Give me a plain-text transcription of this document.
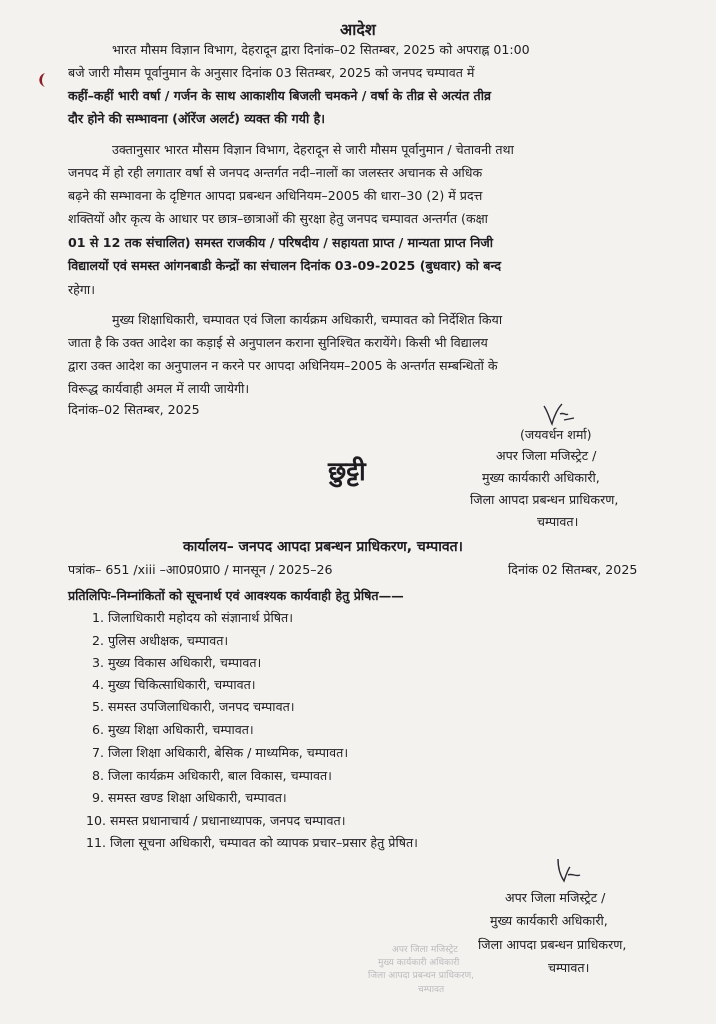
आदेश
भारत मौसम विज्ञान विभाग, देहरादून द्वारा दिनांक–02 सितम्बर, 2025 को अपराह्न 01:00
बजे जारी मौसम पूर्वानुमान के अनुसार दिनांक 03 सितम्बर, 2025 को जनपद चम्पावत में
कहीं–कहीं भारी वर्षा / गर्जन के साथ आकाशीय बिजली चमकने / वर्षा के तीव्र से अत्यंत तीव्र
दौर होने की सम्भावना (ऑरेंज अलर्ट) व्यक्त की गयी है।
उक्तानुसार भारत मौसम विज्ञान विभाग, देहरादून से जारी मौसम पूर्वानुमान / चेतावनी तथा
जनपद में हो रही लगातार वर्षा से जनपद अन्तर्गत नदी–नालों का जलस्तर अचानक से अधिक
बढ़ने की सम्भावना के दृष्टिगत आपदा प्रबन्धन अधिनियम–2005 की धारा–30 (2) में प्रदत्त
शक्तियों और कृत्य के आधार पर छात्र–छात्राओं की सुरक्षा हेतु जनपद चम्पावत अन्तर्गत (कक्षा
01 से 12 तक संचालित) समस्त राजकीय / परिषदीय / सहायता प्राप्त / मान्यता प्राप्त निजी
विद्यालयों एवं समस्त आंगनबाडी केन्द्रों का संचालन दिनांक 03-09-2025 (बुधवार) को बन्द
रहेगा।
मुख्य शिक्षाधिकारी, चम्पावत एवं जिला कार्यक्रम अधिकारी, चम्पावत को निर्देशित किया
जाता है कि उक्त आदेश का कड़ाई से अनुपालन कराना सुनिश्चित करायेंगे। किसी भी विद्यालय
द्वारा उक्त आदेश का अनुपालन न करने पर आपदा अधिनियम–2005 के अन्तर्गत सम्बन्धितों के
विरूद्ध कार्यवाही अमल में लायी जायेगी।
दिनांक–02 सितम्बर, 2025
(जयवर्धन शर्मा)
अपर जिला मजिस्ट्रेट /
मुख्य कार्यकारी अधिकारी,
जिला आपदा प्रबन्धन प्राधिकरण,
चम्पावत।
छुट्टी
कार्यालय– जनपद आपदा प्रबन्धन प्राधिकरण, चम्पावत।
पत्रांक– 651 /xiii –आ0प्र0प्रा0 / मानसून / 2025–26	दिनांक 02 सितम्बर, 2025
प्रतिलिपिः–निम्नांकितों को सूचनार्थ एवं आवश्यक कार्यवाही हेतु प्रेषित——
1. जिलाधिकारी महोदय को संज्ञानार्थ प्रेषित।
2. पुलिस अधीक्षक, चम्पावत।
3. मुख्य विकास अधिकारी, चम्पावत।
4. मुख्य चिकित्साधिकारी, चम्पावत।
5. समस्त उपजिलाधिकारी, जनपद चम्पावत।
6. मुख्य शिक्षा अधिकारी, चम्पावत।
7. जिला शिक्षा अधिकारी, बेसिक / माध्यमिक, चम्पावत।
8. जिला कार्यक्रम अधिकारी, बाल विकास, चम्पावत।
9. समस्त खण्ड शिक्षा अधिकारी, चम्पावत।
10. समस्त प्रधानाचार्य / प्रधानाध्यापक, जनपद चम्पावत।
11. जिला सूचना अधिकारी, चम्पावत को व्यापक प्रचार–प्रसार हेतु प्रेषित।
अपर जिला मजिस्ट्रेट /
मुख्य कार्यकारी अधिकारी,
जिला आपदा प्रबन्धन प्राधिकरण,
चम्पावत।
अपर जिला मजिस्ट्रेट
मुख्य कार्यकारी अधिकारी
जिला आपदा प्रबन्धन प्राधिकरण,
चम्पावत
